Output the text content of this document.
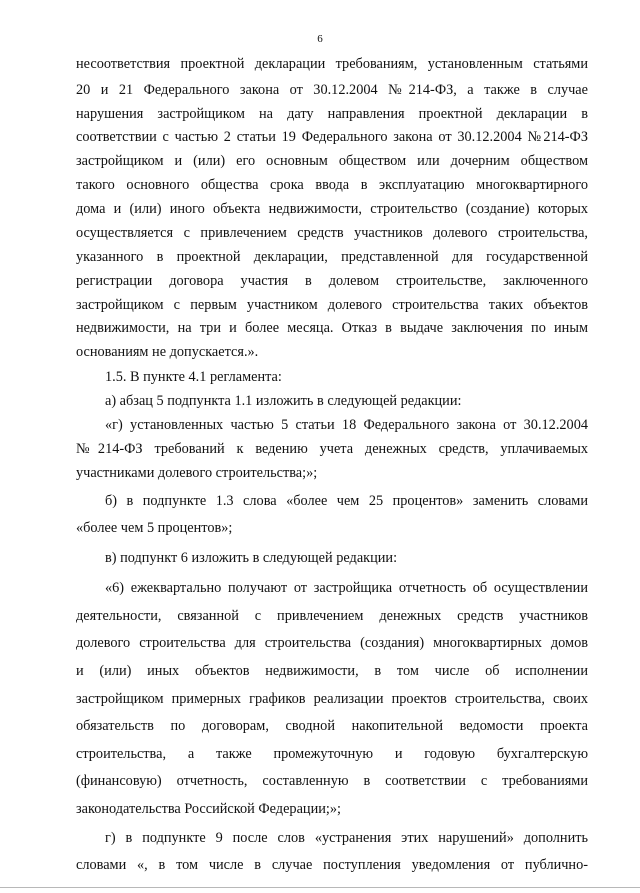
6
несоответствия проектной декларации требованиям, установленным статьями
20 и 21 Федерального закона от 30.12.2004 №214-ФЗ, а также в случае
нарушения застройщиком на дату направления проектной декларации в
соответствии с частью 2 статьи 19 Федерального закона от 30.12.2004 №214-ФЗ
застройщиком и (или) его основным обществом или дочерним обществом
такого основного общества срока ввода в эксплуатацию многоквартирного
дома и (или) иного объекта недвижимости, строительство (создание) которых
осуществляется с привлечением средств участников долевого строительства,
указанного в проектной декларации, представленной для государственной
регистрации договора участия в долевом строительстве, заключенного
застройщиком с первым участником долевого строительства таких объектов
недвижимости, на три и более месяца. Отказ в выдаче заключения по иным
основаниям не допускается.».
1.5. В пункте 4.1 регламента:
а) абзац 5 подпункта 1.1 изложить в следующей редакции:
«г) установленных частью 5 статьи 18 Федерального закона от 30.12.2004
№214-ФЗ требований к ведению учета денежных средств, уплачиваемых
участниками долевого строительства;»;
б) в подпункте 1.3 слова «более чем 25 процентов» заменить словами
«более чем 5 процентов»;
в) подпункт 6 изложить в следующей редакции:
«6) ежеквартально получают от застройщика отчетность об осуществлении
деятельности, связанной с привлечением денежных средств участников
долевого строительства для строительства (создания) многоквартирных домов
и (или) иных объектов недвижимости, в том числе об исполнении
застройщиком примерных графиков реализации проектов строительства, своих
обязательств по договорам, сводной накопительной ведомости проекта
строительства, а также промежуточную и годовую бухгалтерскую
(финансовую) отчетность, составленную в соответствии с требованиями
законодательства Российской Федерации;»;
г) в подпункте 9 после слов «устранения этих нарушений» дополнить
словами «, в том числе в случае поступления уведомления от публично-
